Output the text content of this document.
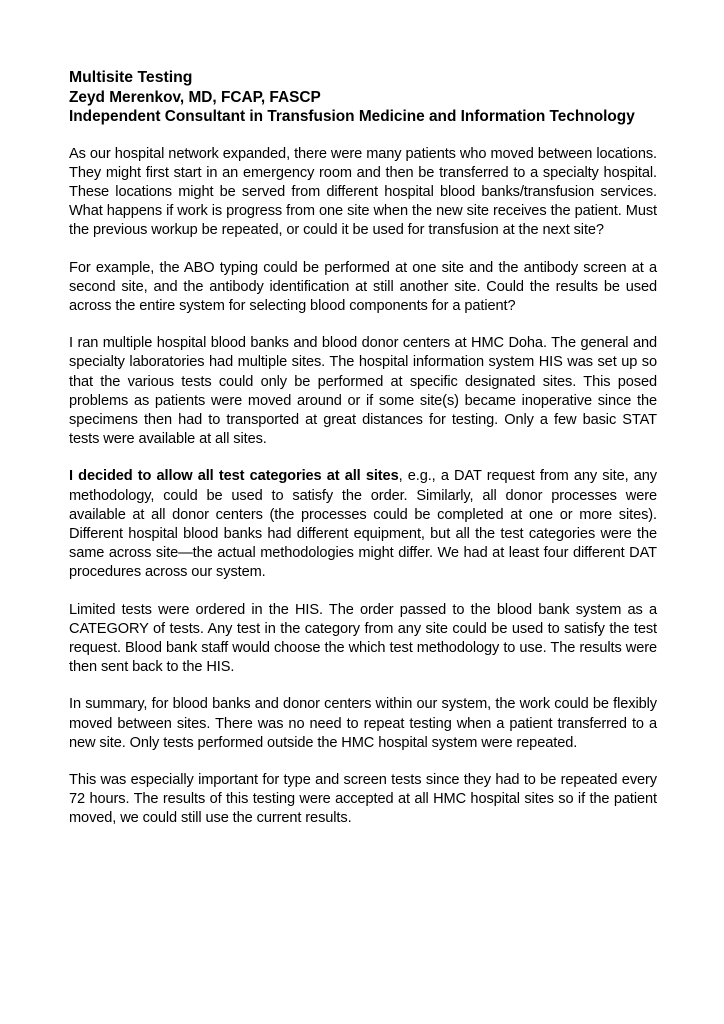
Multisite Testing

Zeyd Merenkov, MD, FCAP, FASCP

Independent Consultant in Transfusion Medicine and Information Technology

As our hospital network expanded, there were many patients who moved between locations. They might first start in an emergency room and then be transferred to a specialty hospital. These locations might be served from different hospital blood banks/transfusion services. What happens if work is progress from one site when the new site receives the patient. Must the previous workup be repeated, or could it be used for transfusion at the next site?

For example, the ABO typing could be performed at one site and the antibody screen at a second site, and the antibody identification at still another site. Could the results be used across the entire system for selecting blood components for a patient?

I ran multiple hospital blood banks and blood donor centers at HMC Doha. The general and specialty laboratories had multiple sites. The hospital information system HIS was set up so that the various tests could only be performed at specific designated sites. This posed problems as patients were moved around or if some site(s) became inoperative since the specimens then had to transported at great distances for testing. Only a few basic STAT tests were available at all sites.

I decided to allow all test categories at all sites, e.g., a DAT request from any site, any methodology, could be used to satisfy the order. Similarly, all donor processes were available at all donor centers (the processes could be completed at one or more sites). Different hospital blood banks had different equipment, but all the test categories were the same across site—the actual methodologies might differ. We had at least four different DAT procedures across our system.

Limited tests were ordered in the HIS. The order passed to the blood bank system as a CATEGORY of tests. Any test in the category from any site could be used to satisfy the test request. Blood bank staff would choose the which test methodology to use. The results were then sent back to the HIS.

In summary, for blood banks and donor centers within our system, the work could be flexibly moved between sites. There was no need to repeat testing when a patient transferred to a new site. Only tests performed outside the HMC hospital system were repeated.

This was especially important for type and screen tests since they had to be repeated every 72 hours. The results of this testing were accepted at all HMC hospital sites so if the patient moved, we could still use the current results.
